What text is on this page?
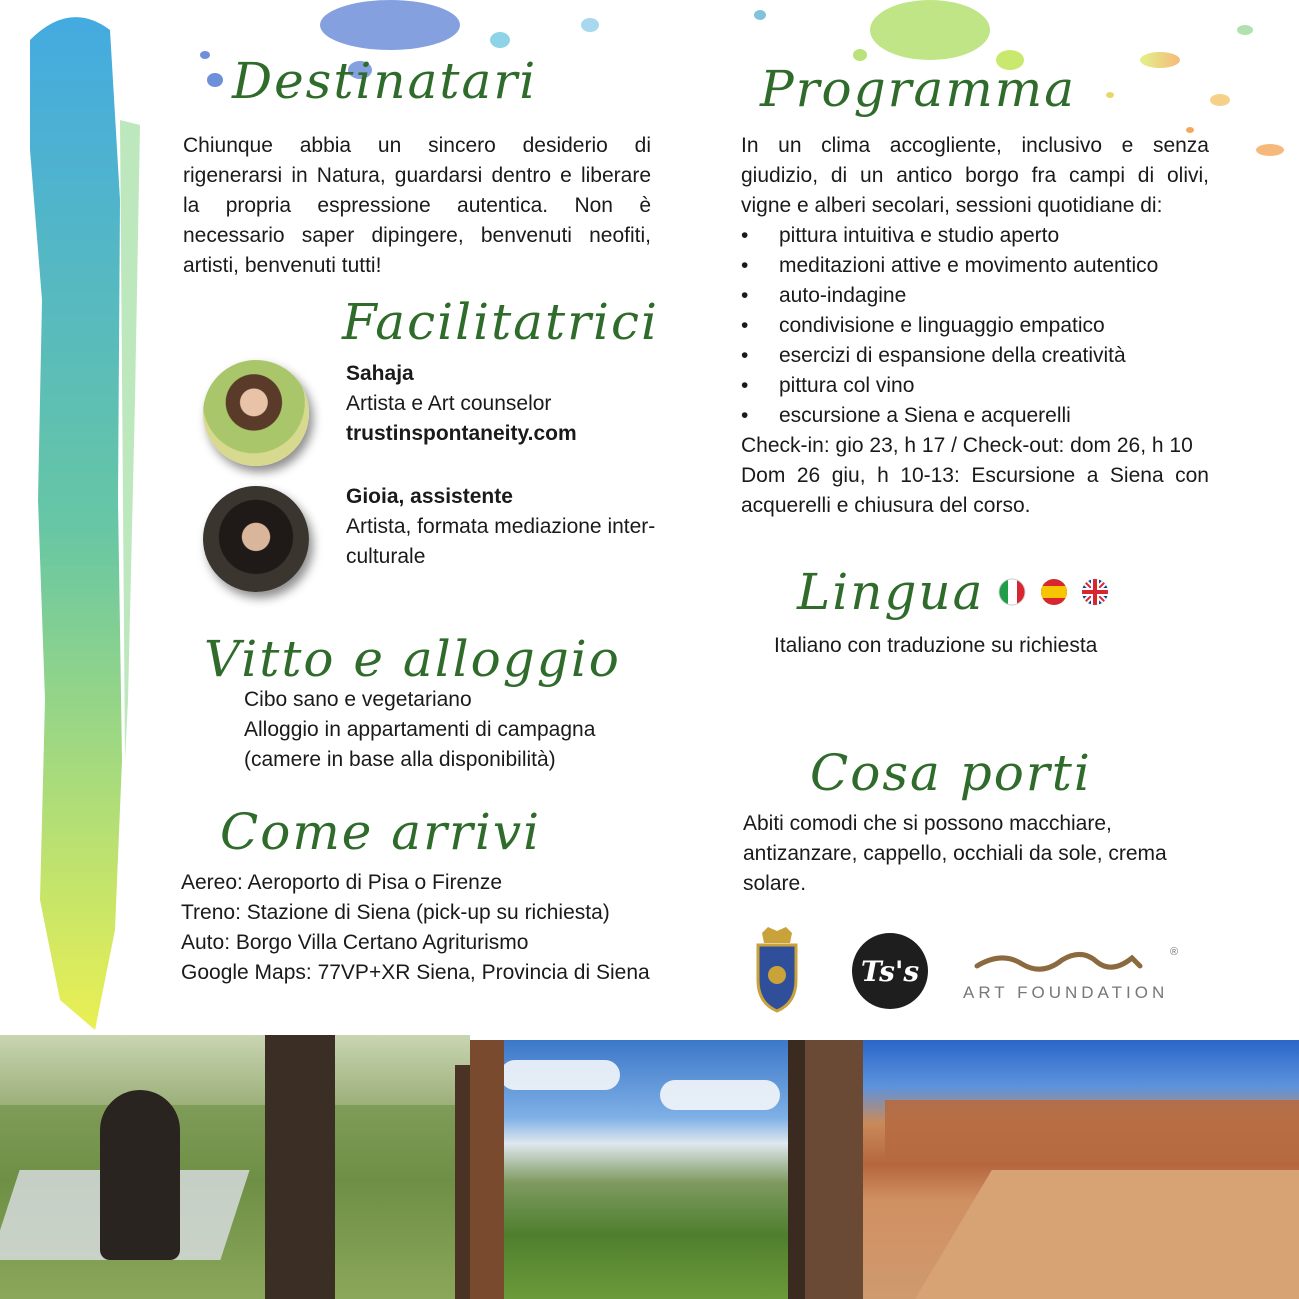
Destinatari
Chiunque abbia un sincero desiderio di rigenerarsi in Natura, guardarsi dentro e liberare la propria espressione autentica. Non è necessario saper dipingere, benvenuti neofiti, artisti, benvenuti tutti!
Facilitatrici
Sahaja
Artista e Art counselor
trustinspontaneity.com
Gioia, assistente
Artista, formata mediazione inter-culturale
Vitto e alloggio
Cibo sano e vegetariano
Alloggio in appartamenti di campagna
(camere in base alla disponibilità)
Come arrivi
Aereo: Aeroporto di Pisa o Firenze
Treno: Stazione di Siena (pick-up su richiesta)
Auto: Borgo Villa Certano Agriturismo
Google Maps: 77VP+XR Siena, Provincia di Siena
Programma
In un clima accogliente, inclusivo e senza giudizio, di un antico borgo fra campi di olivi, vigne e alberi secolari, sessioni quotidiane di:
• pittura intuitiva e studio aperto
• meditazioni attive e movimento autentico
• auto-indagine
• condivisione e linguaggio empatico
• esercizi di espansione della creatività
• pittura col vino
• escursione a Siena e acquerelli
Check-in: gio 23, h 17 / Check-out: dom 26, h 10
Dom 26 giu, h 10-13: Escursione a Siena con acquerelli e chiusura del corso.
Lingua
Italiano con traduzione su richiesta
Cosa porti
Abiti comodi che si possono macchiare, antizanzare, cappello, occhiali da sole, crema solare.
Ts's
®
ART FOUNDATION
